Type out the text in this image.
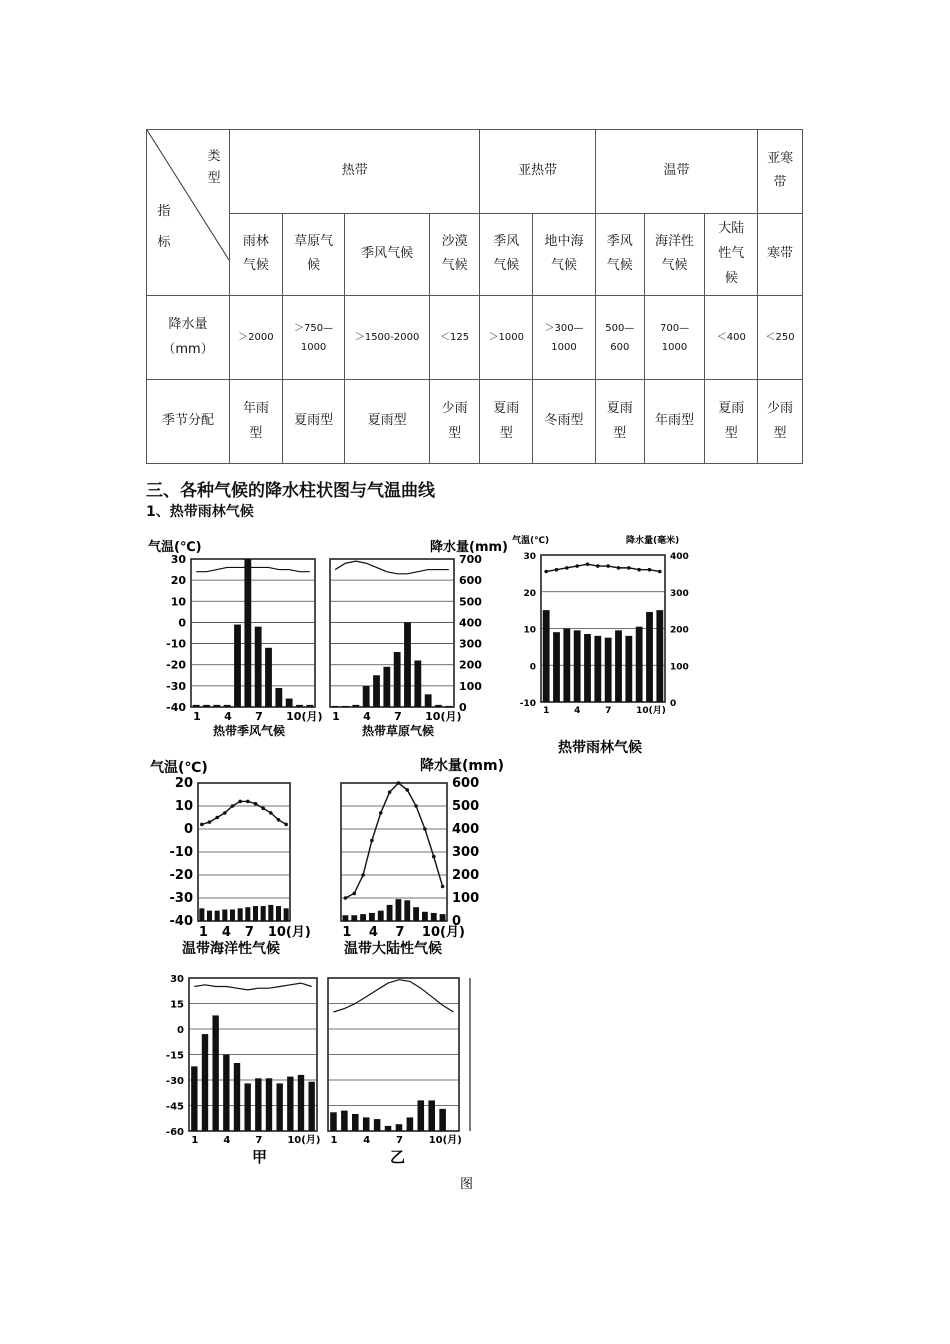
类型
指标	热带				亚热带		温带			亚寒带

	雨林气候	草原气候	季风气候	沙漠气候	季风气候	地中海气候	季风气候	海洋性气候	大陆性气候	寒带

降水量（mm）	＞2000	＞750—1000	＞1500-2000	＜125	＞1000	＞300—1000	500—600	700—1000	＜400	＜250
季节分配	年雨型	夏雨型	夏雨型	少雨型	夏雨型	冬雨型	夏雨型	年雨型	夏雨型	少雨型
三、各种气候的降水柱状图与气温曲线
1、热带雨林气候
气温(℃)	降水量(mm)
热带季风气候	热带草原气候
气温(℃)	降水量(毫米)
热带雨林气候
气温(℃)	降水量(mm)
温带海洋性气候	温带大陆性气候
甲	乙
图
30
20
10
0
-10
-20
-30
-40
1 4 7 10(月)
700
600
500
400
300
200
100
0
1 4 7 10(月)
30
20
10
0
-10
400
300
200
100
0
1	4	7	10(月)
20
10
0
-10
-20
-30
-40
1 4 7 10(月)
600
500
400
300
200
100
0
1 4 7 10(月)
30
15
0
-15
-30
-45
-60
1	4	7	10(月) 1	4	7	10(月)
